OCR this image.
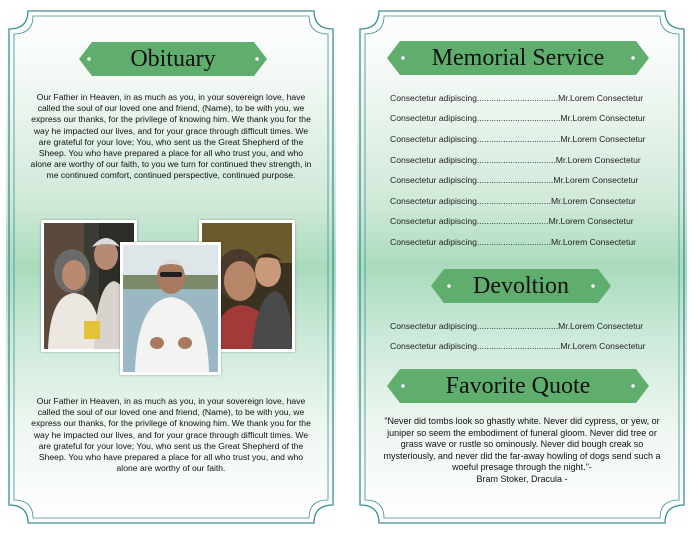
Obituary
Our Father in Heaven, in as much as you, in your sovereign love, have called the soul of our loved one and friend, (Name), to be with you, we express our thanks, for the privilege of knowing him. We thank you for the way he impacted our lives, and for your grace through difficult times. We are grateful for your love; You, who sent us the Great Shepherd of the Sheep. You who have prepared a place for all who trust you, and who alone are worthy of our faith, to you we turn for continued thev strength, in me continued comfort, continued perspective, continued purpose.
Our Father in Heaven, in as much as you, in your sovereign love, have called the soul of our loved one and friend, (Name), to be with you, we express our thanks, for the privilege of knowing him. We thank you for the way he impacted our lives, and for your grace through difficult times. We are grateful for your love; You, who sent us the Great Shepherd of the Sheep. You who have prepared a place for all who trust you, and who alone are worthy of our faith.
Memorial Service
Consectetur adipiscing..................................Mr.Lorem Consectetur
Consectetur adipiscing...................................Mr.Lorem Consectetur
Consectetur adipiscing...................................Mr.Lorem Consectetur
Consectetur adipiscing.................................Mr.Lorem Consectetur
Consectetur adipiscing................................Mr.Lorem Consectetur
Consectetur adipiscing...............................Mr.Lorem Consectetur
Consectetur adipiscing..............................Mr.Lorem Consectetur
Consectetur adipiscing...............................Mr.Lorem Consectetur
Devoltion
Consectetur adipiscing..................................Mr.Lorem Consectetur
Consectetur adipiscing...................................Mr.Lorem Consectetur
Favorite Quote
"Never did tombs look so ghastly white. Never did cypress, or yew, or juniper so seem the embodiment of funeral gloom. Never did tree or grass wave or rustle so ominously. Never did bough creak so mysteriously, and never did the far-away howling of dogs send such a woeful presage through the night."-
Bram Stoker, Dracula -
